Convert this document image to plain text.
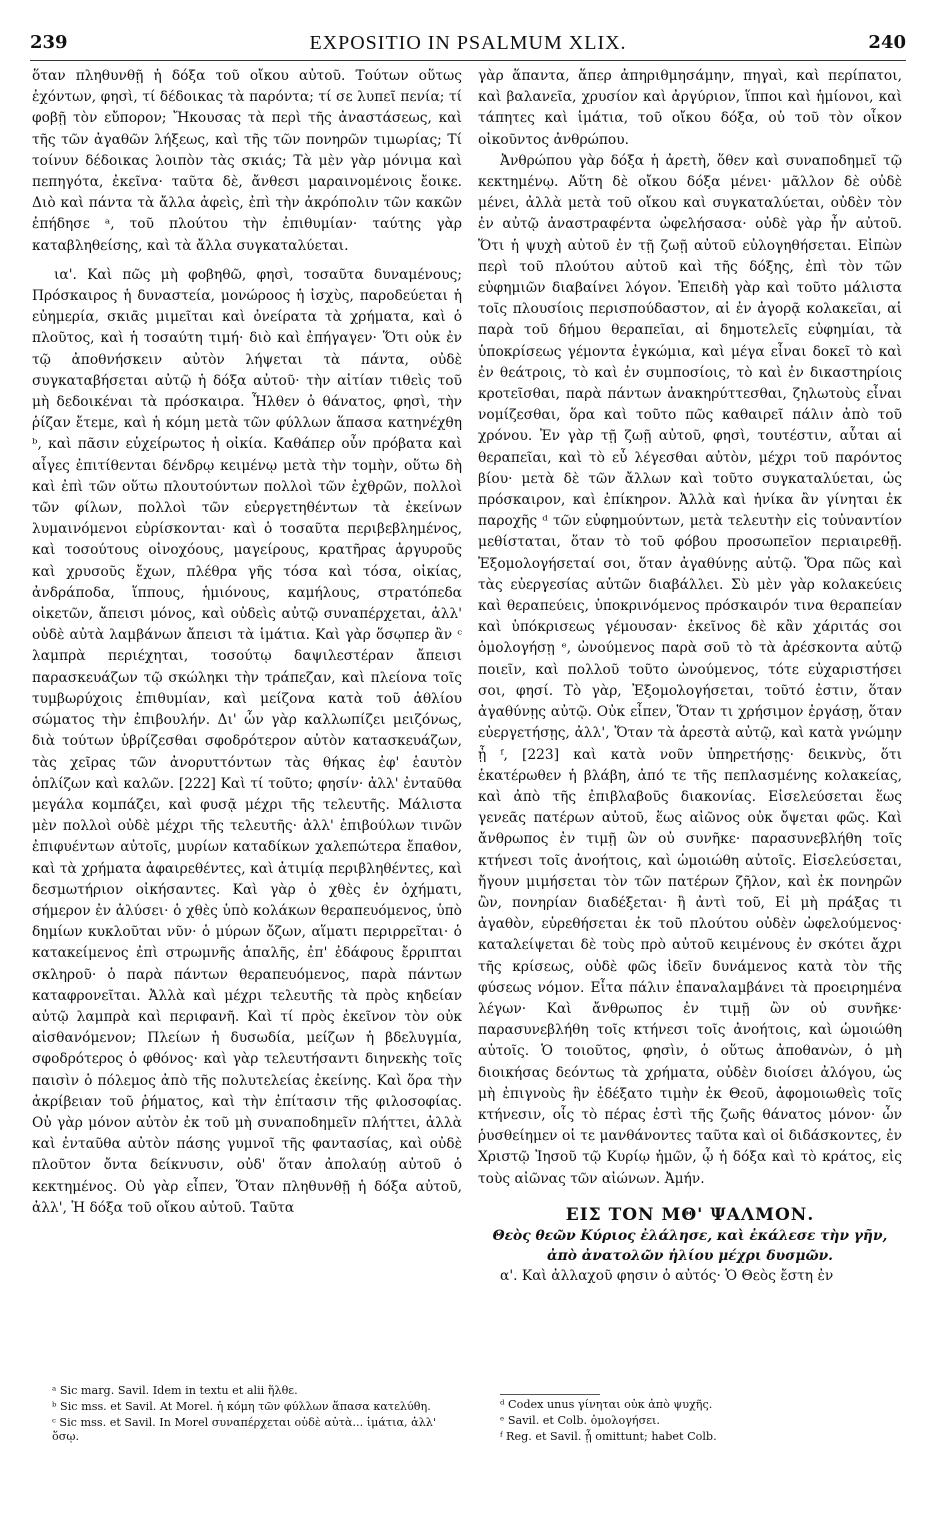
239	EXPOSITIO IN PSALMUM XLIX.	240

ὅταν πληθυνθῇ ἡ δόξα τοῦ οἴκου αὐτοῦ. Τούτων οὕτως ἐχόντων, φησὶ, τί δέδοικας τὰ παρόντα; τί σε λυπεῖ πενία; τί φοβῇ τὸν εὔπορον; Ἤκουσας τὰ περὶ τῆς ἀναστάσεως, καὶ τῆς τῶν ἀγαθῶν λήξεως, καὶ τῆς τῶν πονηρῶν τιμωρίας; Τί τοίνυν δέδοικας λοιπὸν τὰς σκιάς; Τὰ μὲν γὰρ μόνιμα καὶ πεπηγότα, ἐκεῖνα· ταῦτα δὲ, ἄνθεσι μαραινομένοις ἔοικε. Διὸ καὶ πάντα τὰ ἄλλα ἀφεὶς, ἐπὶ τὴν ἀκρόπολιν τῶν κακῶν ἐπήδησε ᵃ, τοῦ πλούτου τὴν ἐπιθυμίαν· ταύτης γὰρ καταβληθείσης, καὶ τὰ ἄλλα συγκαταλύεται.

ια'. Καὶ πῶς μὴ φοβηθῶ, φησὶ, τοσαῦτα δυναμένους; Πρόσκαιρος ἡ δυναστεία, μονώροος ἡ ἰσχὺς, παροδεύεται ἡ εὐημερία, σκιᾶς μιμεῖται καὶ ὀνείρατα τὰ χρήματα, καὶ ὁ πλοῦτος, καὶ ἡ τοσαύτη τιμή· διὸ καὶ ἐπήγαγεν· Ὅτι οὐκ ἐν τῷ ἀποθνήσκειν αὐτὸν λήψεται τὰ πάντα, οὐδὲ συγκαταβήσεται αὐτῷ ἡ δόξα αὐτοῦ· τὴν αἰτίαν τιθεὶς τοῦ μὴ δεδοικέναι τὰ πρόσκαιρα. Ἦλθεν ὁ θάνατος, φησὶ, τὴν ῥίζαν ἔτεμε, καὶ ἡ κόμη μετὰ τῶν φύλλων ἅπασα κατηνέχθη ᵇ, καὶ πᾶσιν εὐχείρωτος ἡ οἰκία. Καθάπερ οὖν πρόβατα καὶ αἶγες ἐπιτίθενται δένδρῳ κειμένῳ μετὰ τὴν τομὴν, οὕτω δὴ καὶ ἐπὶ τῶν οὕτω πλουτούντων πολλοὶ τῶν ἐχθρῶν, πολλοὶ τῶν φίλων, πολλοὶ τῶν εὐεργετηθέντων τὰ ἐκείνων λυμαινόμενοι εὑρίσκονται· καὶ ὁ τοσαῦτα περιβεβλημένος, καὶ τοσούτους οἰνοχόους, μαγείρους, κρατῆρας ἀργυροῦς καὶ χρυσοῦς ἔχων, πλέθρα γῆς τόσα καὶ τόσα, οἰκίας, ἀνδράποδα, ἵππους, ἡμιόνους, καμήλους, στρατόπεδα οἰκετῶν, ἄπεισι μόνος, καὶ οὐδεὶς αὐτῷ συναπέρχεται, ἀλλ' οὐδὲ αὐτὰ λαμβάνων ἄπεισι τὰ ἱμάτια. Καὶ γὰρ ὅσῳπερ ἂν ᶜ λαμπρὰ περιέχηται, τοσούτῳ δαψιλεστέραν ἄπεισι παρασκευάζων τῷ σκώληκι τὴν τράπεζαν, καὶ πλείονα τοῖς τυμβωρύχοις ἐπιθυμίαν, καὶ μείζονα κατὰ τοῦ ἀθλίου σώματος τὴν ἐπιβουλήν. Δι' ὧν γὰρ καλλωπίζει μειζόνως, διὰ τούτων ὑβρίζεσθαι σφοδρότερον αὐτὸν κατασκευάζων, τὰς χεῖρας τῶν ἀνορυττόντων τὰς θήκας ἐφ' ἑαυτὸν ὁπλίζων καὶ καλῶν. [222] Καὶ τί τοῦτο; φησίν· ἀλλ' ἐνταῦθα μεγάλα κομπάζει, καὶ φυσᾷ μέχρι τῆς τελευτῆς. Μάλιστα μὲν πολλοὶ οὐδὲ μέχρι τῆς τελευτῆς· ἀλλ' ἐπιβούλων τινῶν ἐπιφυέντων αὐτοῖς, μυρίων καταδίκων χαλεπώτερα ἔπαθον, καὶ τὰ χρήματα ἀφαιρεθέντες, καὶ ἀτιμίᾳ περιβληθέντες, καὶ δεσμωτήριον οἰκήσαντες. Καὶ γὰρ ὁ χθὲς ἐν ὀχήματι, σήμερον ἐν ἁλύσει· ὁ χθὲς ὑπὸ κολάκων θεραπευόμενος, ὑπὸ δημίων κυκλοῦται νῦν· ὁ μύρων ὄζων, αἵματι περιρρεῖται· ὁ κατακείμενος ἐπὶ στρωμνῆς ἁπαλῆς, ἐπ' ἐδάφους ἔρριπται σκληροῦ· ὁ παρὰ πάντων θεραπευόμενος, παρὰ πάντων καταφρονεῖται. Ἀλλὰ καὶ μέχρι τελευτῆς τὰ πρὸς κηδείαν αὐτῷ λαμπρὰ καὶ περιφανῆ. Καὶ τί πρὸς ἐκεῖνον τὸν οὐκ αἰσθανόμενον; Πλείων ἡ δυσωδία, μείζων ἡ βδελυγμία, σφοδρότερος ὁ φθόνος· καὶ γὰρ τελευτήσαντι διηνεκὴς τοῖς παισὶν ὁ πόλεμος ἀπὸ τῆς πολυτελείας ἐκείνης. Καὶ ὅρα τὴν ἀκρίβειαν τοῦ ῥήματος, καὶ τὴν ἐπίτασιν τῆς φιλοσοφίας. Οὐ γὰρ μόνον αὐτὸν ἐκ τοῦ μὴ συναποδημεῖν πλήττει, ἀλλὰ καὶ ἐνταῦθα αὐτὸν πάσης γυμνοῖ τῆς φαντασίας, καὶ οὐδὲ πλοῦτον ὄντα δείκνυσιν, οὐδ' ὅταν ἀπολαύῃ αὐτοῦ ὁ κεκτημένος. Οὐ γὰρ εἶπεν, Ὅταν πληθυνθῇ ἡ δόξα αὐτοῦ, ἀλλ', Ἡ δόξα τοῦ οἴκου αὐτοῦ. Ταῦτα

γὰρ ἅπαντα, ἅπερ ἀπηριθμησάμην, πηγαὶ, καὶ περίπατοι, καὶ βαλανεῖα, χρυσίον καὶ ἀργύριον, ἵπποι καὶ ἡμίονοι, καὶ τάπητες καὶ ἱμάτια, τοῦ οἴκου δόξα, οὐ τοῦ τὸν οἶκον οἰκοῦντος ἀνθρώπου.

Ἀνθρώπου γὰρ δόξα ἡ ἀρετὴ, ὅθεν καὶ συναποδημεῖ τῷ κεκτημένῳ. Αὕτη δὲ οἴκου δόξα μένει· μᾶλλον δὲ οὐδὲ μένει, ἀλλὰ μετὰ τοῦ οἴκου καὶ συγκαταλύεται, οὐδὲν τὸν ἐν αὐτῷ ἀναστραφέντα ὠφελήσασα· οὐδὲ γὰρ ἦν αὐτοῦ. Ὅτι ἡ ψυχὴ αὐτοῦ ἐν τῇ ζωῇ αὐτοῦ εὐλογηθήσεται. Εἰπὼν περὶ τοῦ πλούτου αὐτοῦ καὶ τῆς δόξης, ἐπὶ τὸν τῶν εὐφημιῶν διαβαίνει λόγον. Ἐπειδὴ γὰρ καὶ τοῦτο μάλιστα τοῖς πλουσίοις περισπούδαστον, αἱ ἐν ἀγορᾷ κολακεῖαι, αἱ παρὰ τοῦ δήμου θεραπεῖαι, αἱ δημοτελεῖς εὐφημίαι, τὰ ὑποκρίσεως γέμοντα ἐγκώμια, καὶ μέγα εἶναι δοκεῖ τὸ καὶ ἐν θεάτροις, τὸ καὶ ἐν συμποσίοις, τὸ καὶ ἐν δικαστηρίοις κροτεῖσθαι, παρὰ πάντων ἀνακηρύττεσθαι, ζηλωτοὺς εἶναι νομίζεσθαι, ὅρα καὶ τοῦτο πῶς καθαιρεῖ πάλιν ἀπὸ τοῦ χρόνου. Ἐν γὰρ τῇ ζωῇ αὐτοῦ, φησὶ, τουτέστιν, αὗται αἱ θεραπεῖαι, καὶ τὸ εὖ λέγεσθαι αὐτὸν, μέχρι τοῦ παρόντος βίου· μετὰ δὲ τῶν ἄλλων καὶ τοῦτο συγκαταλύεται, ὡς πρόσκαιρον, καὶ ἐπίκηρον. Ἀλλὰ καὶ ἡνίκα ἂν γίνηται ἐκ παροχῆς ᵈ τῶν εὐφημούντων, μετὰ τελευτὴν εἰς τοὐναντίον μεθίσταται, ὅταν τὸ τοῦ φόβου προσωπεῖον περιαιρεθῇ. Ἐξομολογήσεταί σοι, ὅταν ἀγαθύνῃς αὐτῷ. Ὅρα πῶς καὶ τὰς εὐεργεσίας αὐτῶν διαβάλλει. Σὺ μὲν γὰρ κολακεύεις καὶ θεραπεύεις, ὑποκρινόμενος πρόσκαιρόν τινα θεραπείαν καὶ ὑπόκρισεως γέμουσαν· ἐκεῖνος δὲ κἂν χάριτάς σοι ὁμολογήσῃ ᵉ, ὠνούμενος παρὰ σοῦ τὸ τὰ ἀρέσκοντα αὐτῷ ποιεῖν, καὶ πολλοῦ τοῦτο ὠνούμενος, τότε εὐχαριστήσει σοι, φησί. Τὸ γὰρ, Ἐξομολογήσεται, τοῦτό ἐστιν, ὅταν ἀγαθύνῃς αὐτῷ. Οὐκ εἶπεν, Ὅταν τι χρήσιμον ἐργάσῃ, ὅταν εὐεργετήσῃς, ἀλλ', Ὅταν τὰ ἀρεστὰ αὐτῷ, καὶ κατὰ γνώμην ᾖ ᶠ, [223] καὶ κατὰ νοῦν ὑπηρετήσῃς· δεικνὺς, ὅτι ἑκατέρωθεν ἡ βλάβη, ἀπό τε τῆς πεπλασμένης κολακείας, καὶ ἀπὸ τῆς ἐπιβλαβοῦς διακονίας. Εἰσελεύσεται ἕως γενεᾶς πατέρων αὐτοῦ, ἕως αἰῶνος οὐκ ὄψεται φῶς. Καὶ ἄνθρωπος ἐν τιμῇ ὢν οὐ συνῆκε· παρασυνεβλήθη τοῖς κτήνεσι τοῖς ἀνοήτοις, καὶ ὡμοιώθη αὐτοῖς. Εἰσελεύσεται, ἤγουν μιμήσεται τὸν τῶν πατέρων ζῆλον, καὶ ἐκ πονηρῶν ὢν, πονηρίαν διαδέξεται· ἢ ἀντὶ τοῦ, Εἰ μὴ πράξας τι ἀγαθὸν, εὑρεθήσεται ἐκ τοῦ πλούτου οὐδὲν ὠφελούμενος· καταλείψεται δὲ τοὺς πρὸ αὐτοῦ κειμένους ἐν σκότει ἄχρι τῆς κρίσεως, οὐδὲ φῶς ἰδεῖν δυνάμενος κατὰ τὸν τῆς φύσεως νόμον. Εἶτα πάλιν ἐπαναλαμβάνει τὰ προειρημένα λέγων· Καὶ ἄνθρωπος ἐν τιμῇ ὢν οὐ συνῆκε· παρασυνεβλήθη τοῖς κτήνεσι τοῖς ἀνοήτοις, καὶ ὡμοιώθη αὐτοῖς. Ὁ τοιοῦτος, φησὶν, ὁ οὕτως ἀποθανὼν, ὁ μὴ διοικήσας δεόντως τὰ χρήματα, οὐδὲν διοίσει ἀλόγου, ὡς μὴ ἐπιγνοὺς ἣν ἐδέξατο τιμὴν ἐκ Θεοῦ, ἀφομοιωθεὶς τοῖς κτήνεσιν, οἷς τὸ πέρας ἐστὶ τῆς ζωῆς θάνατος μόνον· ὧν ῥυσθείημεν οἱ τε μανθάνοντες ταῦτα καὶ οἱ διδάσκοντες, ἐν Χριστῷ Ἰησοῦ τῷ Κυρίῳ ἡμῶν, ᾧ ἡ δόξα καὶ τὸ κράτος, εἰς τοὺς αἰῶνας τῶν αἰώνων. Ἀμήν.

ΕΙΣ ΤΟΝ ΜΘ' ΨΑΛΜΟΝ.
Θεὸς θεῶν Κύριος ἐλάλησε, καὶ ἐκάλεσε τὴν γῆν, ἀπὸ ἀνατολῶν ἡλίου μέχρι δυσμῶν.

α'. Καὶ ἀλλαχοῦ φησιν ὁ αὐτός· Ὁ Θεὸς ἔστη ἐν

ᵃ Sic marg. Savil. Idem in textu et alii ἥλθε.
ᵇ Sic mss. et Savil. At Morel. ἡ κόμη τῶν φύλλων ἅπασα κατελύθη.
ᶜ Sic mss. et Savil. In Morel συναπέρχεται οὐδὲ αὐτὰ... ἱμάτια, ἀλλ' ὅσῳ.
ᵈ Codex unus γίνηται οὐκ ἀπὸ ψυχῆς.
ᵉ Savil. et Colb. ὁμολογήσει.
ᶠ Reg. et Savil. ᾖ omittunt; habet Colb.
